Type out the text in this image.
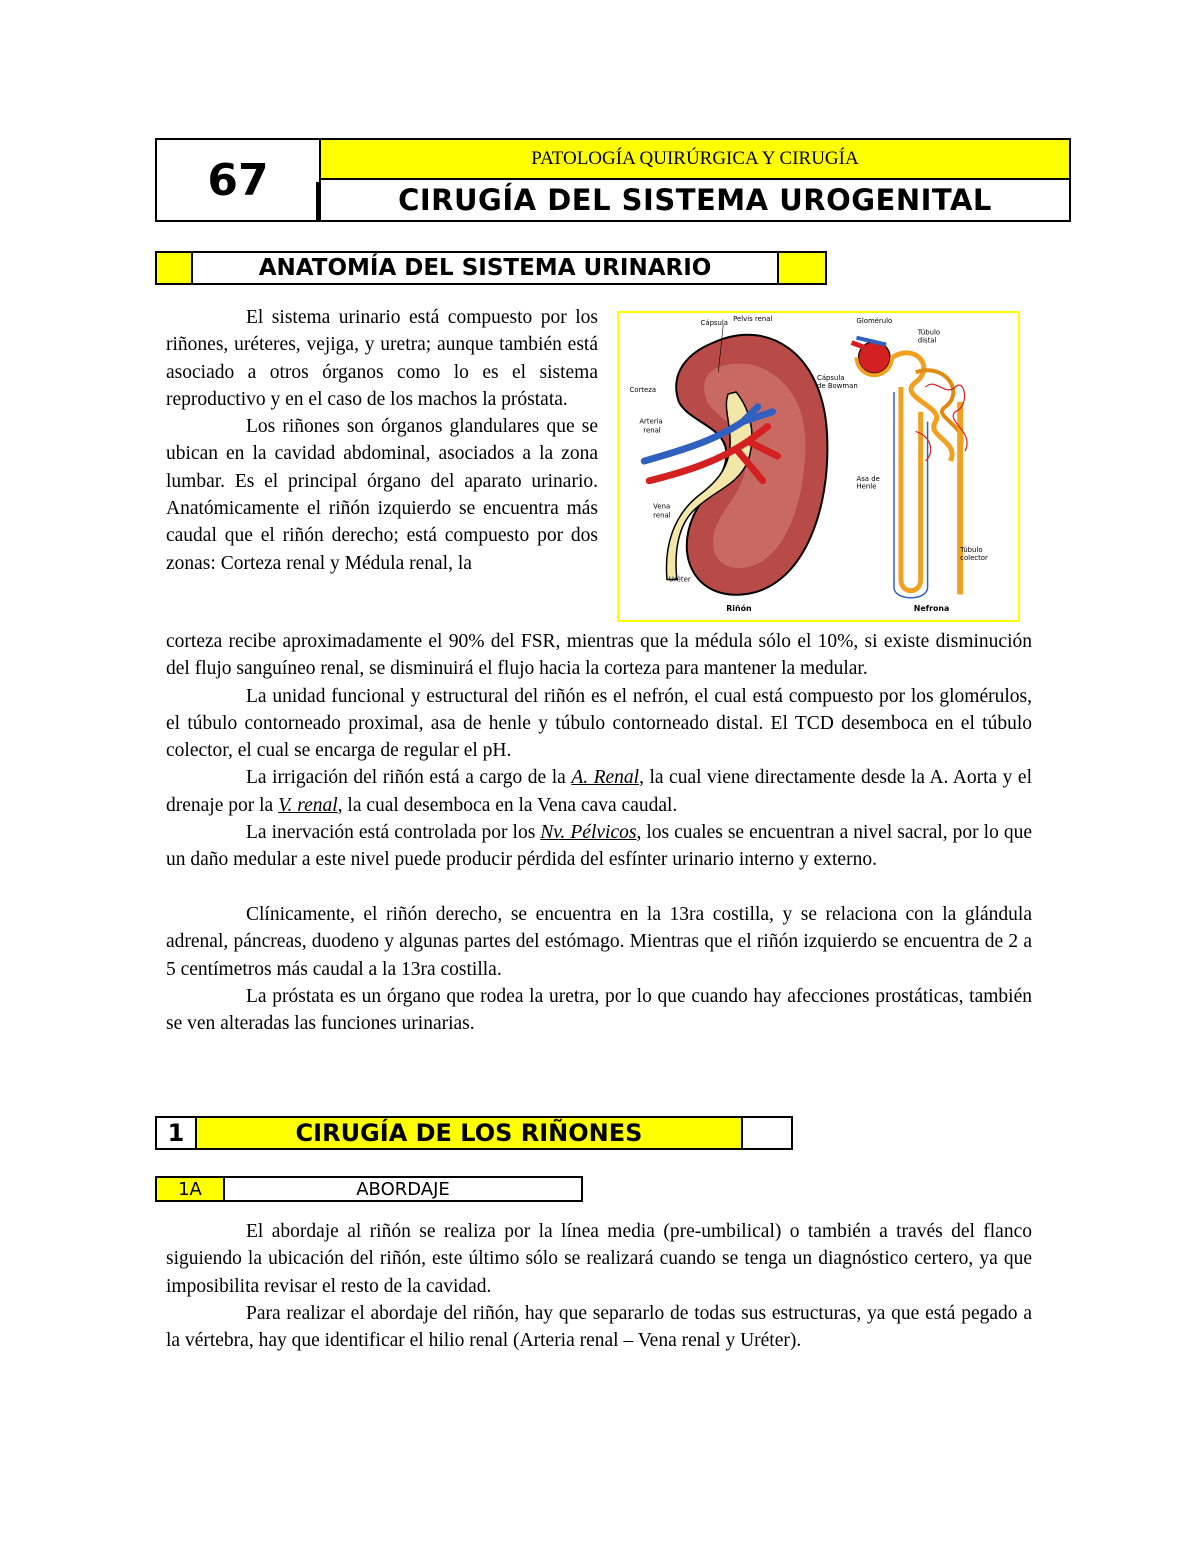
67	PATOLOGÍA QUIRÚRGICA Y CIRUGÍA
CIRUGÍA DEL SISTEMA UROGENITAL
ANATOMÍA DEL SISTEMA URINARIO

El sistema urinario está compuesto por los riñones, uréteres, vejiga, y uretra; aunque también está asociado a otros órganos como lo es el sistema reproductivo y en el caso de los machos la próstata.

Los riñones son órganos glandulares que se ubican en la cavidad abdominal, asociados a la zona lumbar. Es el principal órgano del aparato urinario. Anatómicamente el riñón izquierdo se encuentra más caudal que el riñón derecho; está compuesto por dos zonas: Corteza renal y Médula renal, la

Cápsula Pelvis renal
Corteza
Arteria
renal
Vena
renal
Uréter
Riñón
Glomérulo
Túbulo
distal
Cápsula
de Bowman
Asa de
Henle
Túbulo
colector
Nefrona

corteza recibe aproximadamente el 90% del FSR, mientras que la médula sólo el 10%, si existe disminución del flujo sanguíneo renal, se disminuirá el flujo hacia la corteza para mantener la medular.

La unidad funcional y estructural del riñón es el nefrón, el cual está compuesto por los glomérulos, el túbulo contorneado proximal, asa de henle y túbulo contorneado distal. El TCD desemboca en el túbulo colector, el cual se encarga de regular el pH.

La irrigación del riñón está a cargo de la A. Renal, la cual viene directamente desde la A. Aorta y el drenaje por la V. renal, la cual desemboca en la Vena cava caudal.

La inervación está controlada por los Nv. Pélvicos, los cuales se encuentran a nivel sacral, por lo que un daño medular a este nivel puede producir pérdida del esfínter urinario interno y externo.

Clínicamente, el riñón derecho, se encuentra en la 13ra costilla, y se relaciona con la glándula adrenal, páncreas, duodeno y algunas partes del estómago. Mientras que el riñón izquierdo se encuentra de 2 a 5 centímetros más caudal a la 13ra costilla.

La próstata es un órgano que rodea la uretra, por lo que cuando hay afecciones prostáticas, también se ven alteradas las funciones urinarias.

1	CIRUGÍA DE LOS RIÑONES
1A	ABORDAJE

El abordaje al riñón se realiza por la línea media (pre-umbilical) o también a través del flanco siguiendo la ubicación del riñón, este último sólo se realizará cuando se tenga un diagnóstico certero, ya que imposibilita revisar el resto de la cavidad.

Para realizar el abordaje del riñón, hay que separarlo de todas sus estructuras, ya que está pegado a la vértebra, hay que identificar el hilio renal (Arteria renal – Vena renal y Uréter).
